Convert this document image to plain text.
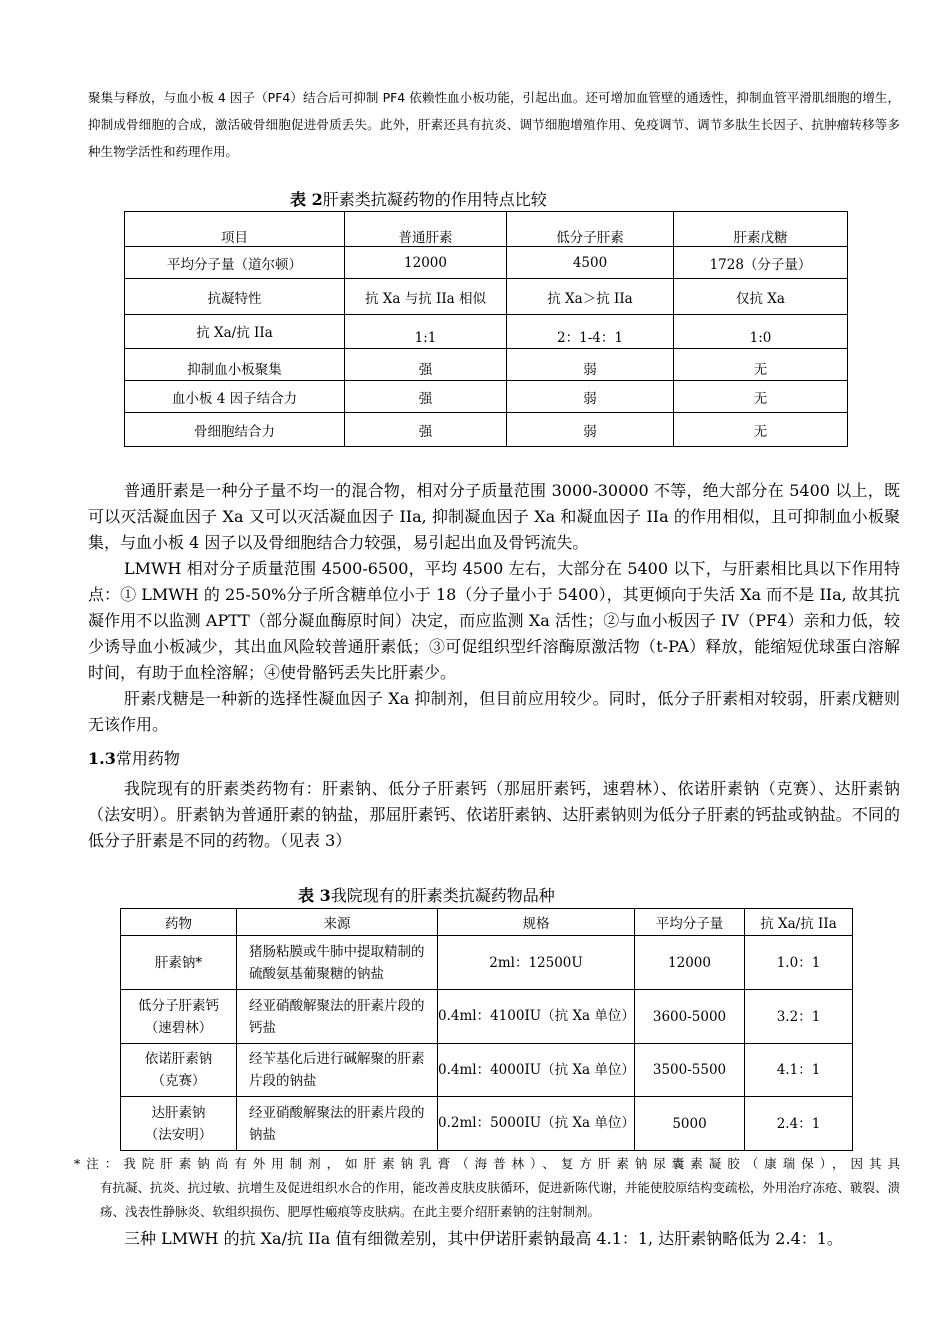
聚集与释放，与血小板 4 因子（PF4）结合后可抑制 PF4 依赖性血小板功能，引起出血。还可增加血管壁的通透性，抑制血管平滑肌细胞的增生，抑制成骨细胞的合成，激活破骨细胞促进骨质丢失。此外，肝素还具有抗炎、调节细胞增殖作用、免疫调节、调节多肽生长因子、抗肿瘤转移等多种生物学活性和药理作用。
表 2肝素类抗凝药物的作用特点比较
项目	普通肝素	低分子肝素	肝素戊糖
平均分子量（道尔顿）	12000	4500	1728（分子量）
抗凝特性	抗 Xa 与抗 IIa 相似	抗 Xa＞抗 IIa	仅抗 Xa
抗 Xa/抗 IIa	1:1	2：1-4：1	1:0
抑制血小板聚集	强	弱	无
血小板 4 因子结合力	强	弱	无
骨细胞结合力	强	弱	无

普通肝素是一种分子量不均一的混合物，相对分子质量范围 3000-30000 不等，绝大部分在 5400 以上，既可以灭活凝血因子 Xa 又可以灭活凝血因子 IIa, 抑制凝血因子 Xa 和凝血因子 IIa 的作用相似，且可抑制血小板聚集，与血小板 4 因子以及骨细胞结合力较强，易引起出血及骨钙流失。

LMWH 相对分子质量范围 4500-6500，平均 4500 左右，大部分在 5400 以下，与肝素相比具以下作用特点：① LMWH 的 25-50%分子所含糖单位小于 18（分子量小于 5400），其更倾向于失活 Xa 而不是 IIa, 故其抗凝作用不以监测 APTT（部分凝血酶原时间）决定，而应监测 Xa 活性；②与血小板因子 IV（PF4）亲和力低，较少诱导血小板减少，其出血风险较普通肝素低；③可促组织型纤溶酶原激活物（t-PA）释放，能缩短优球蛋白溶解时间，有助于血栓溶解；④使骨骼钙丢失比肝素少。

肝素戊糖是一种新的选择性凝血因子 Xa 抑制剂，但目前应用较少。同时，低分子肝素相对较弱，肝素戊糖则无该作用。

1.3常用药物

我院现有的肝素类药物有：肝素钠、低分子肝素钙（那屈肝素钙，速碧林）、依诺肝素钠（克赛）、达肝素钠（法安明）。肝素钠为普通肝素的钠盐，那屈肝素钙、依诺肝素钠、达肝素钠则为低分子肝素的钙盐或钠盐。不同的低分子肝素是不同的药物。（见表 3）

表 3我院现有的肝素类抗凝药物品种
药物	来源	规格	平均分子量	抗 Xa/抗 IIa

肝素钠*	猪肠粘膜或牛肺中提取精制的硫酸氨基葡聚糖的钠盐	2ml：12500U	12000	1.0：1

低分子肝素钙
（速碧林）	经亚硝酸解聚法的肝素片段的钙盐	0.4ml：4100IU（抗 Xa 单位）	3600-5000	3.2：1

依诺肝素钠
（克赛）	经苄基化后进行碱解聚的肝素片段的钠盐	0.4ml：4000IU（抗 Xa 单位）	3500-5500	4.1：1

达肝素钠
（法安明）	经亚硝酸解聚法的肝素片段的钠盐	0.2ml：5000IU（抗 Xa 单位）	5000	2.4：1
*注：我院肝素钠尚有外用制剂，如肝素钠乳膏（海普林）、复方肝素钠尿囊素凝胶（康瑞保），因其具
有抗凝、抗炎、抗过敏、抗增生及促进组织水合的作用，能改善皮肤皮肤循环，促进新陈代谢，并能使胶原结构变疏松，外用治疗冻疮、皲裂、溃疡、浅表性静脉炎、软组织损伤、肥厚性瘢痕等皮肤病。在此主要介绍肝素钠的注射制剂。
三种 LMWH 的抗 Xa/抗 IIa 值有细微差别，其中伊诺肝素钠最高 4.1：1, 达肝素钠略低为 2.4：1。
